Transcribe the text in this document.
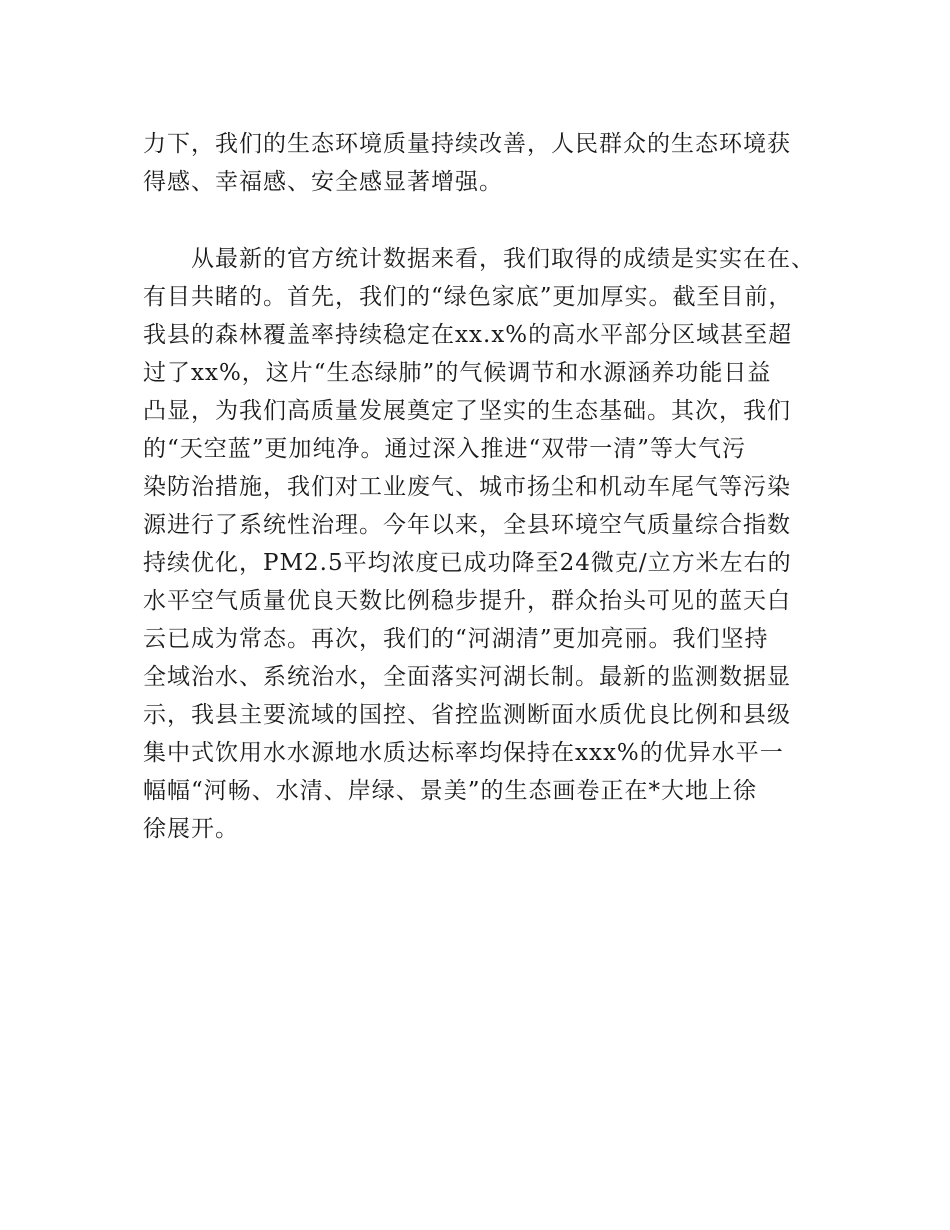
力下，我们的生态环境质量持续改善，人民群众的生态环境获
得感、幸福感、安全感显著增强。
从最新的官方统计数据来看，我们取得的成绩是实实在在、
有目共睹的。首先，我们的“绿色家底”更加厚实。截至目前，
我县的森林覆盖率持续稳定在xx.x%的高水平部分区域甚至超
过了xx%，这片“生态绿肺”的气候调节和水源涵养功能日益
凸显，为我们高质量发展奠定了坚实的生态基础。其次，我们
的“天空蓝”更加纯净。通过深入推进“双带一清”等大气污
染防治措施，我们对工业废气、城市扬尘和机动车尾气等污染
源进行了系统性治理。今年以来，全县环境空气质量综合指数
持续优化，PM2.5平均浓度已成功降至24微克/立方米左右的
水平空气质量优良天数比例稳步提升，群众抬头可见的蓝天白
云已成为常态。再次，我们的“河湖清”更加亮丽。我们坚持
全域治水、系统治水，全面落实河湖长制。最新的监测数据显
示，我县主要流域的国控、省控监测断面水质优良比例和县级
集中式饮用水水源地水质达标率均保持在xxx%的优异水平一
幅幅“河畅、水清、岸绿、景美”的生态画卷正在*大地上徐
徐展开。
